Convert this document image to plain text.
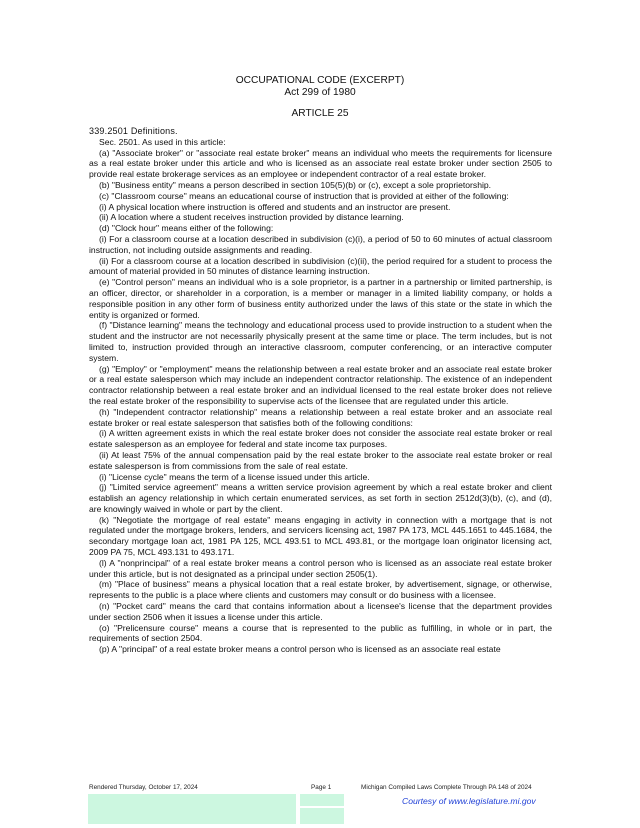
OCCUPATIONAL CODE (EXCERPT)
Act 299 of 1980
ARTICLE 25

339.2501 Definitions.

Sec. 2501. As used in this article:

(a) "Associate broker" or "associate real estate broker" means an individual who meets the requirements for licensure as a real estate broker under this article and who is licensed as an associate real estate broker under section 2505 to provide real estate brokerage services as an employee or independent contractor of a real estate broker.

(b) "Business entity" means a person described in section 105(5)(b) or (c), except a sole proprietorship.

(c) "Classroom course" means an educational course of instruction that is provided at either of the following:

(i) A physical location where instruction is offered and students and an instructor are present.

(ii) A location where a student receives instruction provided by distance learning.

(d) "Clock hour" means either of the following:

(i) For a classroom course at a location described in subdivision (c)(i), a period of 50 to 60 minutes of actual classroom instruction, not including outside assignments and reading.

(ii) For a classroom course at a location described in subdivision (c)(ii), the period required for a student to process the amount of material provided in 50 minutes of distance learning instruction.

(e) "Control person" means an individual who is a sole proprietor, is a partner in a partnership or limited partnership, is an officer, director, or shareholder in a corporation, is a member or manager in a limited liability company, or holds a responsible position in any other form of business entity authorized under the laws of this state or the state in which the entity is organized or formed.

(f) "Distance learning" means the technology and educational process used to provide instruction to a student when the student and the instructor are not necessarily physically present at the same time or place. The term includes, but is not limited to, instruction provided through an interactive classroom, computer conferencing, or an interactive computer system.

(g) "Employ" or "employment" means the relationship between a real estate broker and an associate real estate broker or a real estate salesperson which may include an independent contractor relationship. The existence of an independent contractor relationship between a real estate broker and an individual licensed to the real estate broker does not relieve the real estate broker of the responsibility to supervise acts of the licensee that are regulated under this article.

(h) "Independent contractor relationship" means a relationship between a real estate broker and an associate real estate broker or real estate salesperson that satisfies both of the following conditions:

(i) A written agreement exists in which the real estate broker does not consider the associate real estate broker or real estate salesperson as an employee for federal and state income tax purposes.

(ii) At least 75% of the annual compensation paid by the real estate broker to the associate real estate broker or real estate salesperson is from commissions from the sale of real estate.

(i) "License cycle" means the term of a license issued under this article.

(j) "Limited service agreement" means a written service provision agreement by which a real estate broker and client establish an agency relationship in which certain enumerated services, as set forth in section 2512d(3)(b), (c), and (d), are knowingly waived in whole or part by the client.

(k) "Negotiate the mortgage of real estate" means engaging in activity in connection with a mortgage that is not regulated under the mortgage brokers, lenders, and servicers licensing act, 1987 PA 173, MCL 445.1651 to 445.1684, the secondary mortgage loan act, 1981 PA 125, MCL 493.51 to MCL 493.81, or the mortgage loan originator licensing act, 2009 PA 75, MCL 493.131 to 493.171.

(l) A "nonprincipal" of a real estate broker means a control person who is licensed as an associate real estate broker under this article, but is not designated as a principal under section 2505(1).

(m) "Place of business" means a physical location that a real estate broker, by advertisement, signage, or otherwise, represents to the public is a place where clients and customers may consult or do business with a licensee.

(n) "Pocket card" means the card that contains information about a licensee's license that the department provides under section 2506 when it issues a license under this article.

(o) "Prelicensure course" means a course that is represented to the public as fulfilling, in whole or in part, the requirements of section 2504.

(p) A "principal" of a real estate broker means a control person who is licensed as an associate real estate

Rendered Thursday, October 17, 2024	Page 1	Michigan Compiled Laws Complete Through PA 148 of 2024
Courtesy of www.legislature.mi.gov
